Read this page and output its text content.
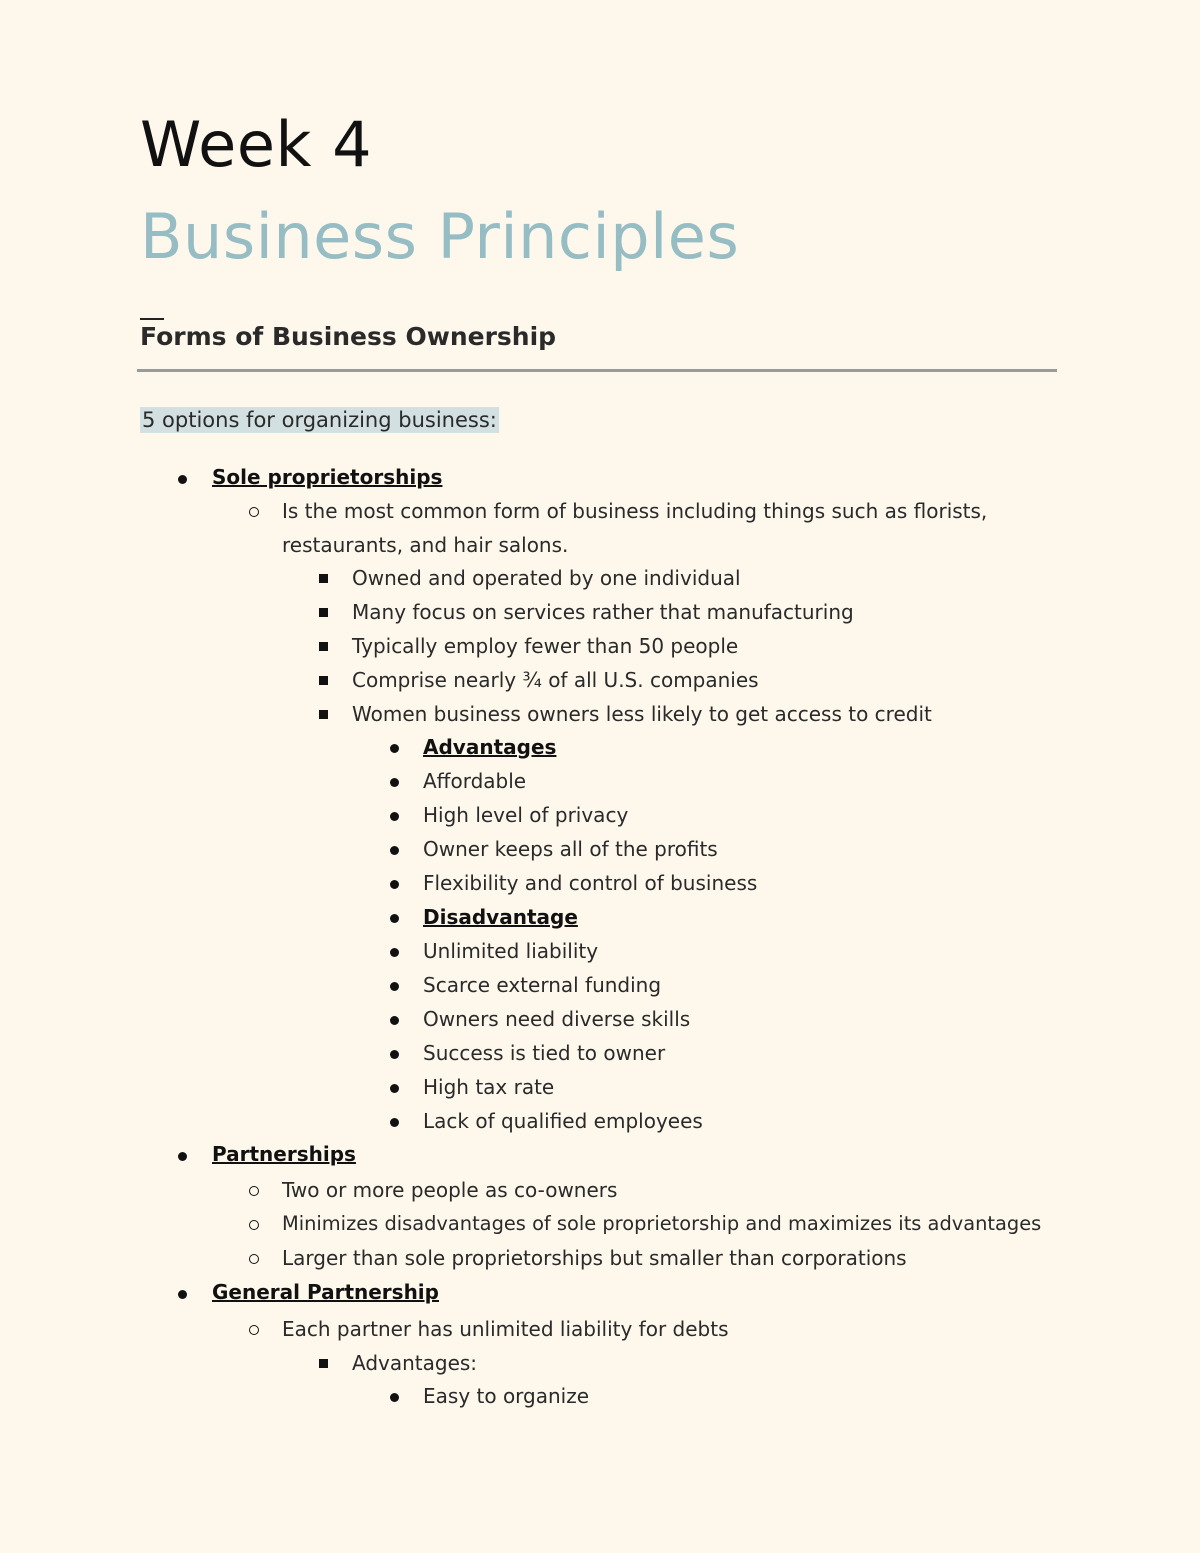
Week 4
Business Principles
Forms of Business Ownership
5 options for organizing business:
Sole proprietorships
Is the most common form of business including things such as florists,
restaurants, and hair salons.
Owned and operated by one individual
Many focus on services rather that manufacturing
Typically employ fewer than 50 people
Comprise nearly ¾ of all U.S. companies
Women business owners less likely to get access to credit
Advantages
Affordable
High level of privacy
Owner keeps all of the profits
Flexibility and control of business
Disadvantage
Unlimited liability
Scarce external funding
Owners need diverse skills
Success is tied to owner
High tax rate
Lack of qualified employees
Partnerships
Two or more people as co-owners
Minimizes disadvantages of sole proprietorship and maximizes its advantages
Larger than sole proprietorships but smaller than corporations
General Partnership
Each partner has unlimited liability for debts
Advantages:
Easy to organize
